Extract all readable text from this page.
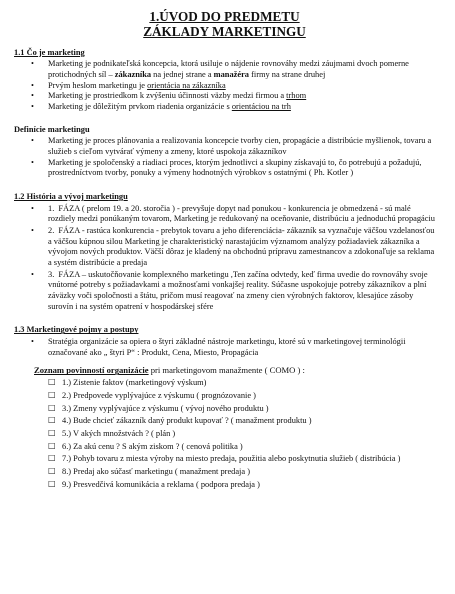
1.ÚVOD DO PREDMETU
ZÁKLADY MARKETINGU
1.1 Čo je marketing
• Marketing je podnikateľská koncepcia, ktorá usiluje o nájdenie rovnováhy medzi záujmami dvoch pomerne protichodných síl – zákazníka na jednej strane a manažéra firmy na strane druhej
• Prvým heslom marketingu je orientácia na zákazníka
• Marketing je prostriedkom k zvýšeniu účinnosti väzby medzi firmou a trhom
• Marketing je dôležitým prvkom riadenia organizácie s orientáciou na trh
Definície marketingu
• Marketing je proces plánovania a realizovania koncepcie tvorby cien, propagácie a distribúcie myšlienok, tovaru a služieb s cieľom vytvárať výmeny a zmeny, ktoré uspokoja zákazníkov
• Marketing je spoločenský a riadiaci proces, ktorým jednotlivci a skupiny získavajú to, čo potrebujú a požadujú, prostredníctvom tvorby, ponuky a výmeny hodnotných výrobkov s ostatnými ( Ph. Kotler )
1.2 História a vývoj marketingu
• 1. FÁZA ( prelom 19. a 20. storočia ) - prevyšuje dopyt nad ponukou - konkurencia je obmedzená - sú malé rozdiely medzi ponúkaným tovarom, Marketing je redukovaný na oceňovanie, distribúciu a jednoduchú propagáciu
• 2. FÁZA - rastúca konkurencia - prebytok tovaru a jeho diferenciácia- zákazník sa vyznačuje väčšou vzdelanosťou a väčšou kúpnou silou Marketing je charakteristický narastajúcim významom analýzy požiadaviek zákazníka a vývojom nových produktov. Väčší dôraz je kladený na obchodnú prípravu zamestnancov a zdokonaľuje sa reklama a systém distribúcie a predaja
• 3. FÁZA – uskutočňovanie komplexného marketingu ,Ten začína odvtedy, keď firma uvedie do rovnováhy svoje vnútorné potreby s požiadavkami a možnosťami vonkajšej reality. Súčasne uspokojuje potreby zákazníkov a plní záväzky voči spoločnosti a štátu, pričom musí reagovať na zmeny cien výrobných faktorov, klesajúce zásoby surovín i na systém opatrení v hospodárskej sfére
1.3 Marketingové pojmy a postupy
• Stratégia organizácie sa opiera o štyri základné nástroje marketingu, ktoré sú v marketingovej terminológii označované ako „ štyri P“ : Produkt, Cena, Miesto, Propagácia
Zoznam povinností organizácie pri marketingovom manažmente ( COMO ) :
□ 1.) Zistenie faktov (marketingový výskum)
□ 2.) Predpovede vyplývajúce z výskumu ( prognózovanie )
□ 3.) Zmeny vyplývajúce z výskumu ( vývoj nového produktu )
□ 4.) Bude chcieť zákazník daný produkt kupovať ? ( manažment produktu )
□ 5.) V akých množstvách ? ( plán )
□ 6.) Za akú cenu ? S akým ziskom ? ( cenová politika )
□ 7.) Pohyb tovaru z miesta výroby na miesto predaja, použitia alebo poskytnutia služieb ( distribúcia )
□ 8.) Predaj ako súčasť marketingu ( manažment predaja )
□ 9.) Presvedčivá komunikácia a reklama ( podpora predaja )
